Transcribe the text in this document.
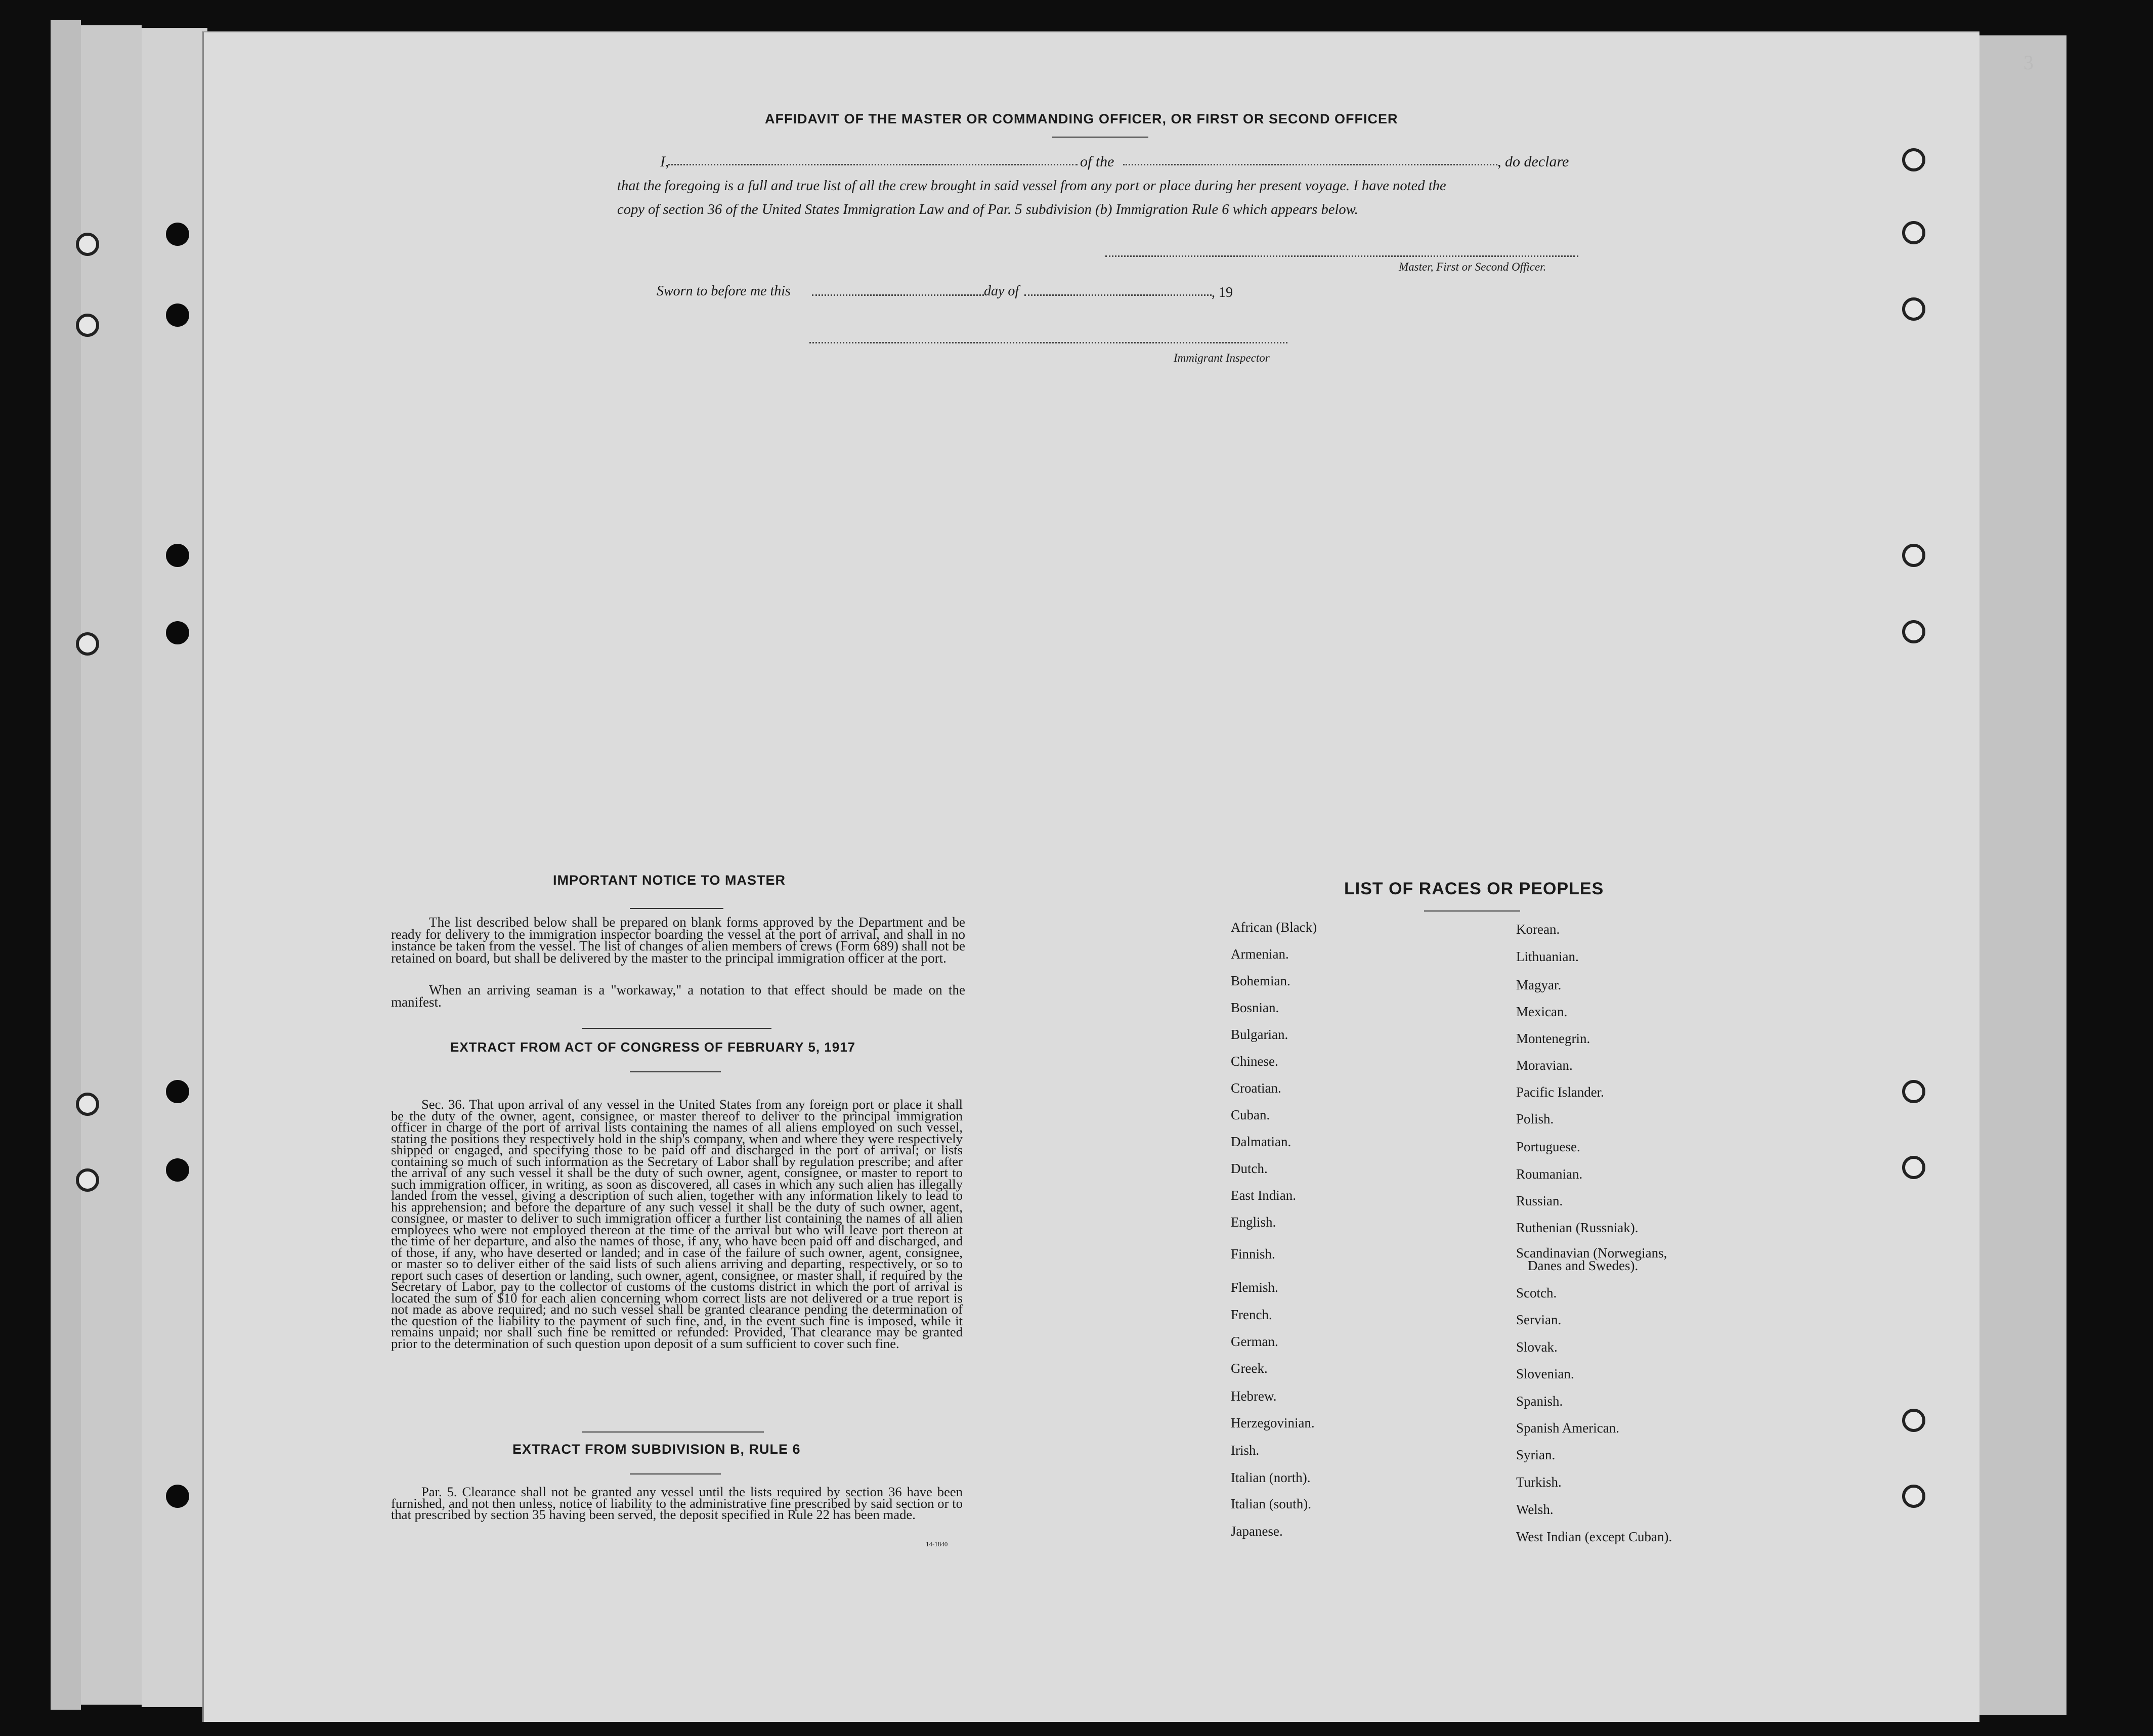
3
AFFIDAVIT OF THE MASTER OR COMMANDING OFFICER, OR FIRST OR SECOND OFFICER
I,	of the	, do declare
that the foregoing is a full and true list of all the crew brought in said vessel from any port or place during her present voyage. I have noted the
copy of section 36 of the United States Immigration Law and of Par. 5 subdivision (b) Immigration Rule 6 which appears below.
Master, First or Second Officer.
Sworn to before me this	day of	, 19
Immigrant Inspector
IMPORTANT NOTICE TO MASTER
The list described below shall be prepared on blank forms approved by the Department and be ready for delivery to the immigration inspector boarding the vessel at the port of arrival, and shall in no instance be taken from the vessel. The list of changes of alien members of crews (Form 689) shall not be retained on board, but shall be delivered by the master to the principal immigration officer at the port.
When an arriving seaman is a "workaway," a notation to that effect should be made on the manifest.
EXTRACT FROM ACT OF CONGRESS OF FEBRUARY 5, 1917
Sec. 36. That upon arrival of any vessel in the United States from any foreign port or place it shall be the duty of the owner, agent, consignee, or master thereof to deliver to the principal immigration officer in charge of the port of arrival lists containing the names of all aliens employed on such vessel, stating the positions they respectively hold in the ship's company, when and where they were respectively shipped or engaged, and specifying those to be paid off and discharged in the port of arrival; or lists containing so much of such information as the Secretary of Labor shall by regulation prescribe; and after the arrival of any such vessel it shall be the duty of such owner, agent, consignee, or master to report to such immigration officer, in writing, as soon as discovered, all cases in which any such alien has illegally landed from the vessel, giving a description of such alien, together with any information likely to lead to his apprehension; and before the departure of any such vessel it shall be the duty of such owner, agent, consignee, or master to deliver to such immigration officer a further list containing the names of all alien employees who were not employed thereon at the time of the arrival but who will leave port thereon at the time of her departure, and also the names of those, if any, who have been paid off and discharged, and of those, if any, who have deserted or landed; and in case of the failure of such owner, agent, consignee, or master so to deliver either of the said lists of such aliens arriving and departing, respectively, or so to report such cases of desertion or landing, such owner, agent, consignee, or master shall, if required by the Secretary of Labor, pay to the collector of customs of the customs district in which the port of arrival is located the sum of $10 for each alien concerning whom correct lists are not delivered or a true report is not made as above required; and no such vessel shall be granted clearance pending the determination of the question of the liability to the payment of such fine, and, in the event such fine is imposed, while it remains unpaid; nor shall such fine be remitted or refunded: Provided, That clearance may be granted prior to the determination of such question upon deposit of a sum sufficient to cover such fine.
EXTRACT FROM SUBDIVISION B, RULE 6
Par. 5. Clearance shall not be granted any vessel until the lists required by section 36 have been furnished, and not then unless, notice of liability to the administrative fine prescribed by said section or to that prescribed by section 35 having been served, the deposit specified in Rule 22 has been made.
14-1840
LIST OF RACES OR PEOPLES
African (Black)
Armenian.
Bohemian.
Bosnian.
Bulgarian.
Chinese.
Croatian.
Cuban.
Dalmatian.
Dutch.
East Indian.
English.
Finnish.
Flemish.
French.
German.
Greek.
Hebrew.
Herzegovinian.
Irish.
Italian (north).
Italian (south).
Japanese.
Korean.
Lithuanian.
Magyar.
Mexican.
Montenegrin.
Moravian.
Pacific Islander.
Polish.
Portuguese.
Roumanian.
Russian.
Ruthenian (Russniak).
Scandinavian (Norwegians,
Danes and Swedes).
Scotch.
Servian.
Slovak.
Slovenian.
Spanish.
Spanish American.
Syrian.
Turkish.
Welsh.
West Indian (except Cuban).
